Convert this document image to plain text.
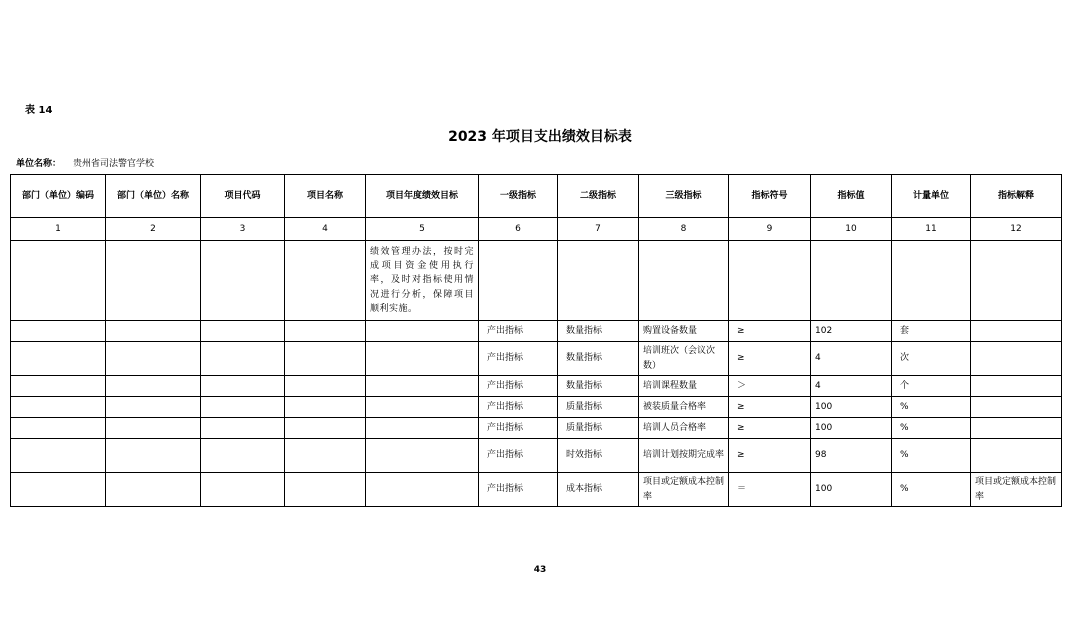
表 14
2023 年项目支出绩效目标表
单位名称： 贵州省司法警官学校
部门（单位）编码	部门（单位）名称	项目代码	项目名称	项目年度绩效目标	一级指标	二级指标	三级指标	指标符号	指标值	计量单位	指标解释
1	2	3	4	5	6	7	8	9	10	11	12
				绩效管理办法，按时完成项目资金使用执行率，及时对指标使用情况进行分析，保障项目顺利实施。							
					产出指标	数量指标	购置设备数量	≥	102	套	
					产出指标	数量指标	培训班次（会议次数）	≥	4	次	
					产出指标	数量指标	培训课程数量	＞	4	个	
					产出指标	质量指标	被装质量合格率	≥	100	%	
					产出指标	质量指标	培训人员合格率	≥	100	%	
					产出指标	时效指标	培训计划按期完成率	≥	98	%	
					产出指标	成本指标	项目或定额成本控制率	＝	100	%	项目或定额成本控制率
43
